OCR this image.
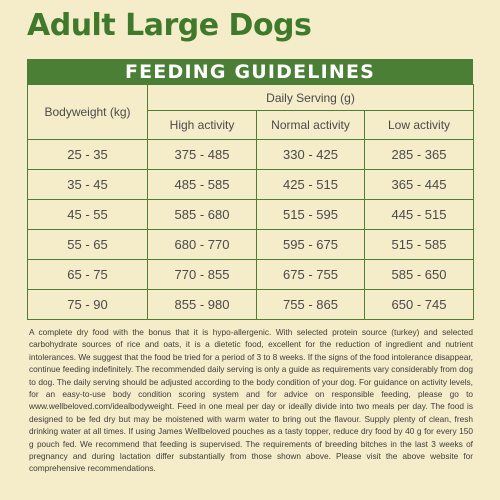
Adult Large Dogs
FEEDING GUIDELINES
Bodyweight (kg)	Daily Serving (g)		
	High activity	Normal activity	Low activity
25 - 35	375 - 485	330 - 425	285 - 365
35 - 45	485 - 585	425 - 515	365 - 445
45 - 55	585 - 680	515 - 595	445 - 515
55 - 65	680 - 770	595 - 675	515 - 585
65 - 75	770 - 855	675 - 755	585 - 650
75 - 90	855 - 980	755 - 865	650 - 745
A complete dry food with the bonus that it is hypo-allergenic. With selected protein source (turkey) and selected carbohydrate sources of rice and oats, it is a dietetic food, excellent for the reduction of ingredient and nutrient intolerances. We suggest that the food be tried for a period of 3 to 8 weeks. If the signs of the food intolerance disappear, continue feeding indefinitely. The recommended daily serving is only a guide as requirements vary considerably from dog to dog. The daily serving should be adjusted according to the body condition of your dog. For guidance on activity levels, for an easy-to-use body condition scoring system and for advice on responsible feeding, please go to www.wellbeloved.com/idealbodyweight. Feed in one meal per day or ideally divide into two meals per day. The food is designed to be fed dry but may be moistened with warm water to bring out the flavour. Supply plenty of clean, fresh drinking water at all times. If using James Wellbeloved pouches as a tasty topper, reduce dry food by 40 g for every 150 g pouch fed. We recommend that feeding is supervised. The requirements of breeding bitches in the last 3 weeks of pregnancy and during lactation differ substantially from those shown above. Please visit the above website for comprehensive recommendations.
